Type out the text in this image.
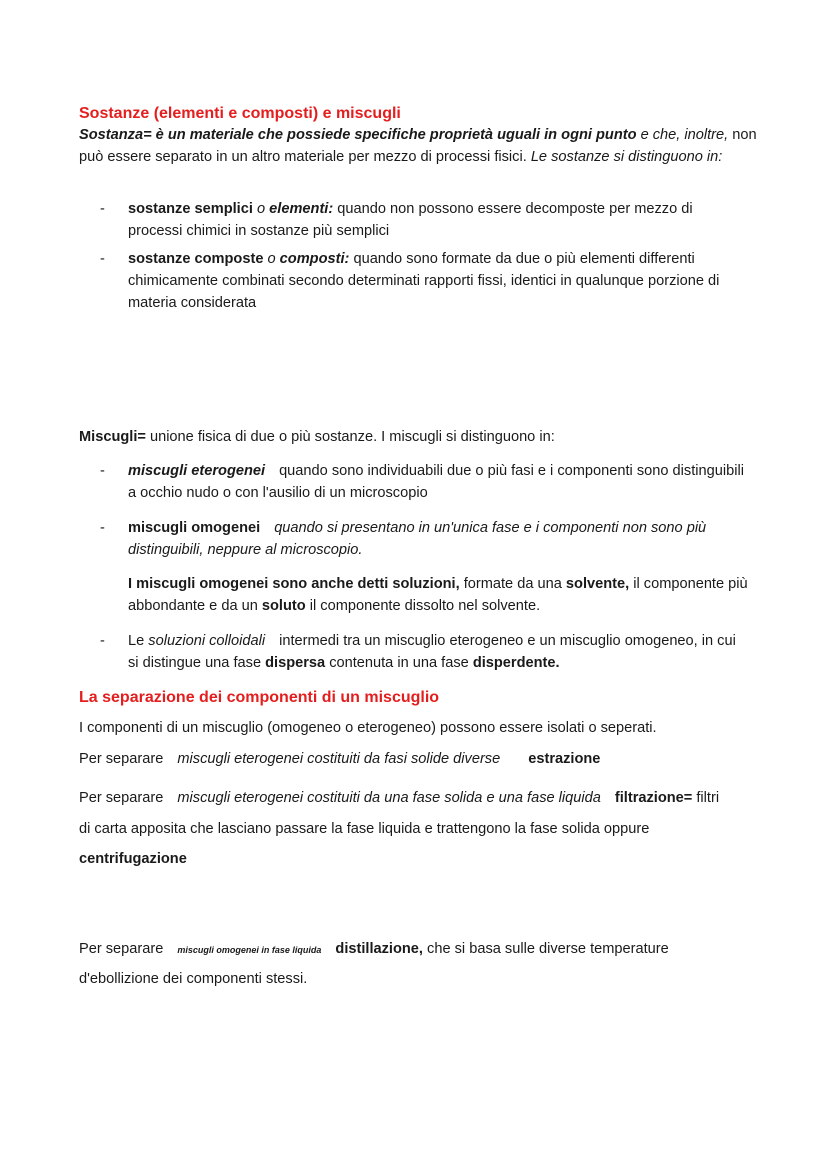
Sostanze (elementi e composti) e miscugli
Sostanza= è un materiale che possiede specifiche proprietà uguali in ogni punto e che, inoltre, non può essere separato in un altro materiale per mezzo di processi fisici. Le sostanze si distinguono in:
-	sostanze semplici o elementi: quando non possono essere decomposte per mezzo di processi chimici in sostanze più semplici
-	sostanze composte o composti: quando sono formate da due o più elementi differenti chimicamente combinati secondo determinati rapporti fissi, identici in qualunque porzione di materia considerata
Miscugli= unione fisica di due o più sostanze. I miscugli si distinguono in:
-	miscugli eterogenei quando sono individuabili due o più fasi e i componenti sono distinguibili a occhio nudo o con l'ausilio di un microscopio
-	miscugli omogenei quando si presentano in un'unica fase e i componenti non sono più distinguibili, neppure al microscopio.
I miscugli omogenei sono anche detti soluzioni, formate da una solvente, il componente più abbondante e da un soluto il componente dissolto nel solvente.
-	Le soluzioni colloidali intermedi tra un miscuglio eterogeneo e un miscuglio omogeneo, in cui si distingue una fase dispersa contenuta in una fase disperdente.
La separazione dei componenti di un miscuglio
I componenti di un miscuglio (omogeneo o eterogeneo) possono essere isolati o seperati.
Per separare miscugli eterogenei costituiti da fasi solide diverse estrazione
Per separare miscugli eterogenei costituiti da una fase solida e una fase liquida filtrazione= filtri
di carta apposita che lasciano passare la fase liquida e trattengono la fase solida oppure
centrifugazione
Per separare miscugli omogenei in fase liquida distillazione, che si basa sulle diverse temperature
d'ebollizione dei componenti stessi.
